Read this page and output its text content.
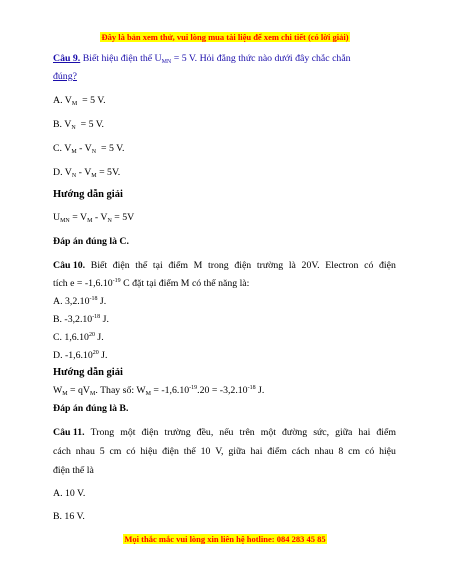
Đây là bản xem thử, vui lòng mua tài liệu để xem chi tiết (có lời giải)
Câu 9. Biết hiệu điện thế $U_{MN} = 5$ V. Hỏi đẳng thức nào dưới đây chắc chắn
đúng?
A. $V_M = 5$ V.
B. $V_N = 5$ V.
C. $V_M - V_N = 5$ V.
D. $V_N - V_M = 5V$.
Hướng dẫn giải
$U_{MN} = V_M - V_N = 5V$
Đáp án đúng là C.
Câu 10. Biết điện thế tại điểm M trong điện trường là 20V. Electron có điện
tích $e = -1,6.10^{-19}$ C đặt tại điểm M có thế năng là:
A. $3,2.10^{-18}$ J.
B. $-3,2.10^{-18}$ J.
C. 1,6.10$^{20}$ J.
D. -1,6.10$^{20}$ J.
Hướng dẫn giải
$W_M = qV_M$. Thay số: $W_M = -1,6.10^{-19}.20 = -3,2.10^{-18}$ J.
Đáp án đúng là B.
Câu 11. Trong một điện trường đều, nếu trên một đường sức, giữa hai điểm
cách nhau 5 cm có hiệu điện thế 10 V, giữa hai điểm cách nhau 8 cm có hiệu
điện thế là
A. 10 V.
B. 16 V.
Mọi thắc mắc vui lòng xin liên hệ hotline: 084 283 45 85
